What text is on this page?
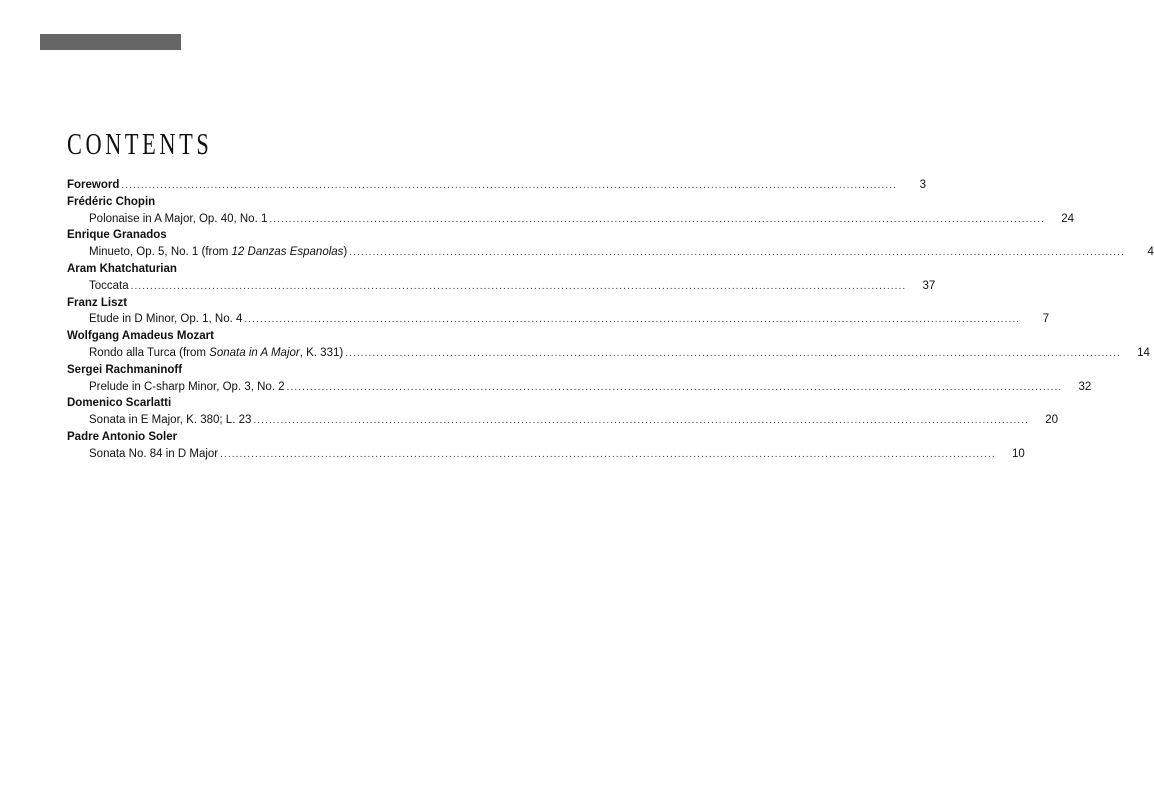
CONTENTS
Foreword ........................................................................................................................................................................................................	3
Frédéric Chopin
Polonaise in A Major, Op. 40, No. 1 ........................................................................................................................................................................................................	24
Enrique Granados
Minueto, Op. 5, No. 1 (from 12 Danzas Espanolas) ........................................................................................................................................................................................................	4
Aram Khatchaturian
Toccata ........................................................................................................................................................................................................	37
Franz Liszt
Etude in D Minor, Op. 1, No. 4 ........................................................................................................................................................................................................	7
Wolfgang Amadeus Mozart
Rondo alla Turca (from Sonata in A Major, K. 331) ........................................................................................................................................................................................................	14
Sergei Rachmaninoff
Prelude in C-sharp Minor, Op. 3, No. 2 ........................................................................................................................................................................................................	32
Domenico Scarlatti
Sonata in E Major, K. 380; L. 23 ........................................................................................................................................................................................................	20
Padre Antonio Soler
Sonata No. 84 in D Major ........................................................................................................................................................................................................	10
